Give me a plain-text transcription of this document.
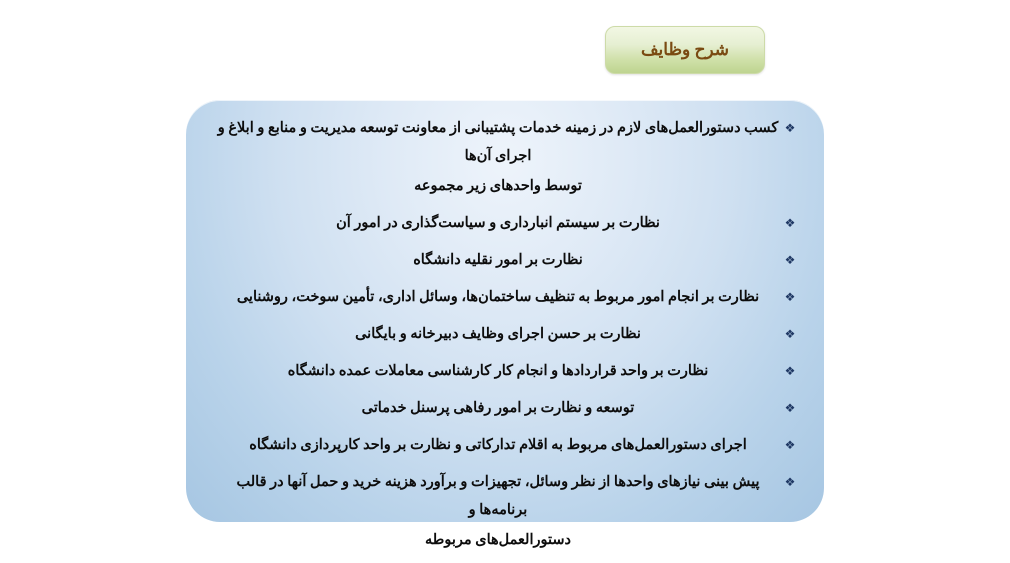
شرح وظایف
❖
کسب دستورالعمل‌های لازم در زمینه خدمات پشتیبانی از معاونت توسعه مدیریت و منابع و ابلاغ و اجرای آن‌ها
توسط واحدهای زیر مجموعه
❖
نظارت بر سیستم انبارداری و سیاست‌گذاری در امور آن
❖
نظارت بر امور نقلیه دانشگاه
❖
نظارت بر انجام امور مربوط به تنظیف ساختمان‌ها، وسائل اداری، تأمین سوخت، روشنایی
❖
نظارت بر حسن اجرای وظایف دبیرخانه و بایگانی
❖
نظارت بر واحد قراردادها و انجام کار کارشناسی معاملات عمده دانشگاه
❖
توسعه و نظارت بر امور رفاهی پرسنل خدماتی
❖
اجرای دستورالعمل‌های مربوط به اقلام تدارکاتی و نظارت بر واحد کارپردازی دانشگاه
❖
پیش بینی نیازهای واحدها از نظر وسائل، تجهیزات و برآورد هزینه خرید و حمل آنها در قالب برنامه‌ها و
دستورالعمل‌های مربوطه
